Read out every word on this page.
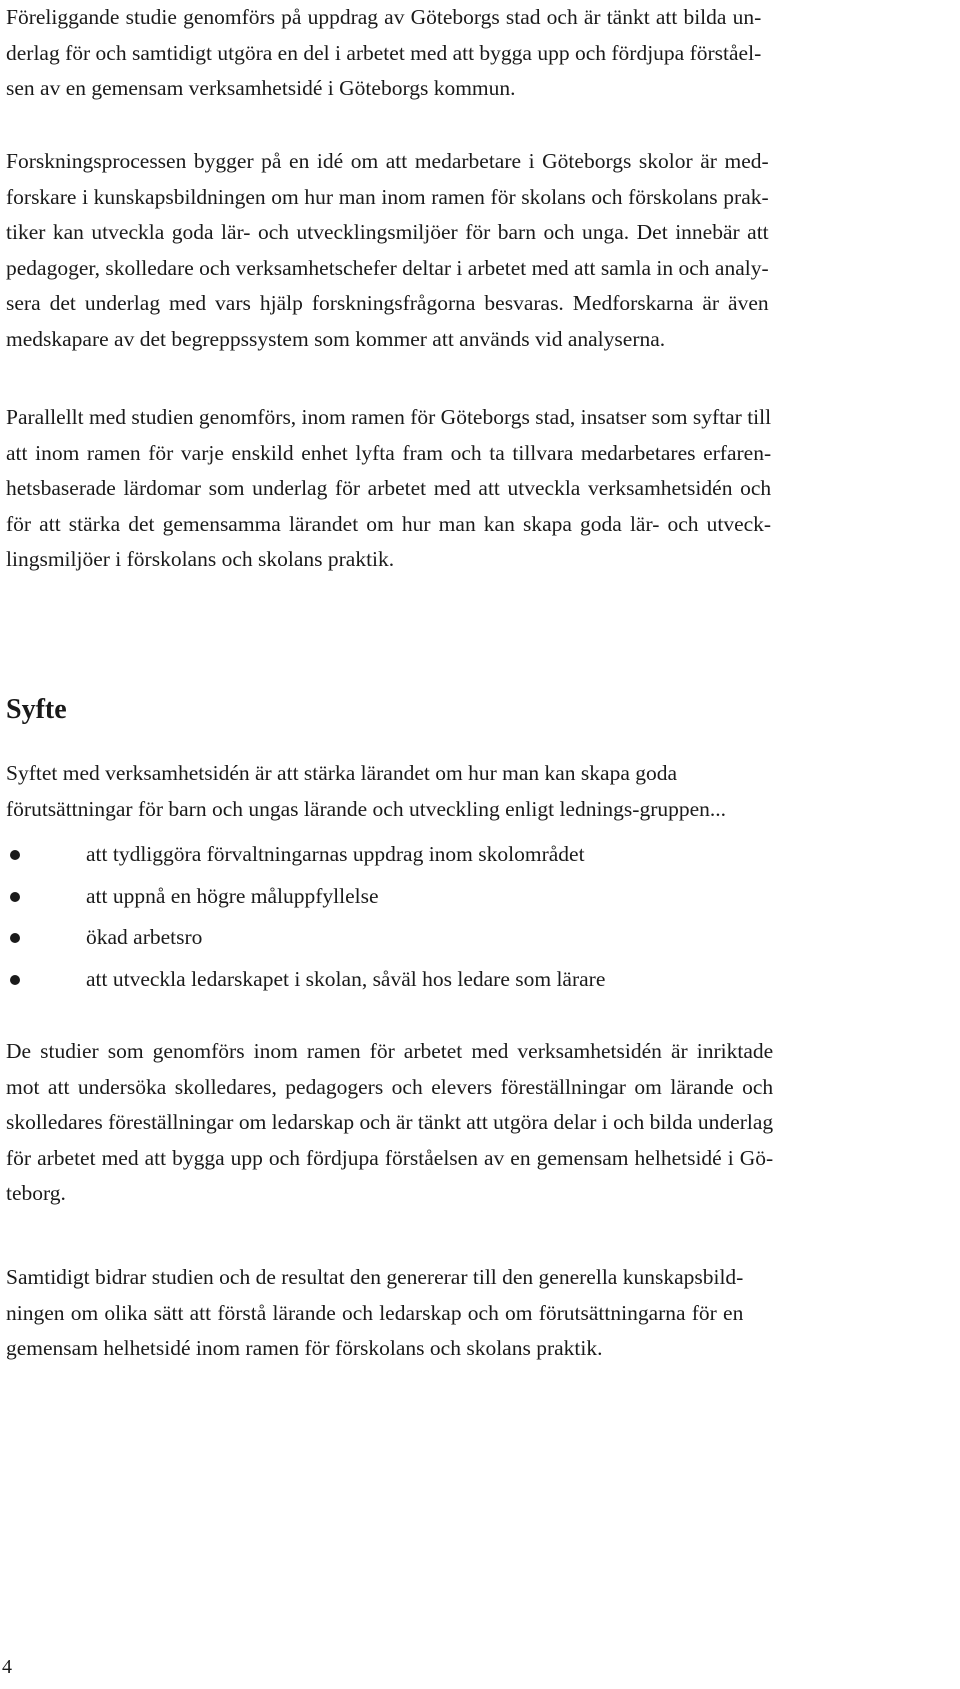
Föreliggande studie genomförs på uppdrag av Göteborgs stad och är tänkt att bilda un-
derlag för och samtidigt utgöra en del i arbetet med att bygga upp och fördjupa förståel-
sen av en gemensam verksamhetsidé i Göteborgs kommun.

Forskningsprocessen bygger på en idé om att medarbetare i Göteborgs skolor är med-
forskare i kunskapsbildningen om hur man inom ramen för skolans och förskolans prak-
tiker kan utveckla goda lär- och utvecklingsmiljöer för barn och unga. Det innebär att
pedagoger, skolledare och verksamhetschefer deltar i arbetet med att samla in och analy-
sera det underlag med vars hjälp forskningsfrågorna besvaras. Medforskarna är även
medskapare av det begreppssystem som kommer att används vid analyserna.

Parallellt med studien genomförs, inom ramen för Göteborgs stad, insatser som syftar till
att inom ramen för varje enskild enhet lyfta fram och ta tillvara medarbetares erfaren-
hetsbaserade lärdomar som underlag för arbetet med att utveckla verksamhetsidén och
för att stärka det gemensamma lärandet om hur man kan skapa goda lär- och utveck-
lingsmiljöer i förskolans och skolans praktik.

Syfte

Syftet med verksamhetsidén är att stärka lärandet om hur man kan skapa goda
förutsättningar för barn och ungas lärande och utveckling enligt lednings-gruppen...

att tydliggöra förvaltningarnas uppdrag inom skolområdet
att uppnå en högre måluppfyllelse
ökad arbetsro
att utveckla ledarskapet i skolan, såväl hos ledare som lärare

De studier som genomförs inom ramen för arbetet med verksamhetsidén är inriktade
mot att undersöka skolledares, pedagogers och elevers föreställningar om lärande och
skolledares föreställningar om ledarskap och är tänkt att utgöra delar i och bilda underlag
för arbetet med att bygga upp och fördjupa förståelsen av en gemensam helhetsidé i Gö-
teborg.

Samtidigt bidrar studien och de resultat den genererar till den generella kunskapsbild-
ningen om olika sätt att förstå lärande och ledarskap och om förutsättningarna för en
gemensam helhetsidé inom ramen för förskolans och skolans praktik.

4
